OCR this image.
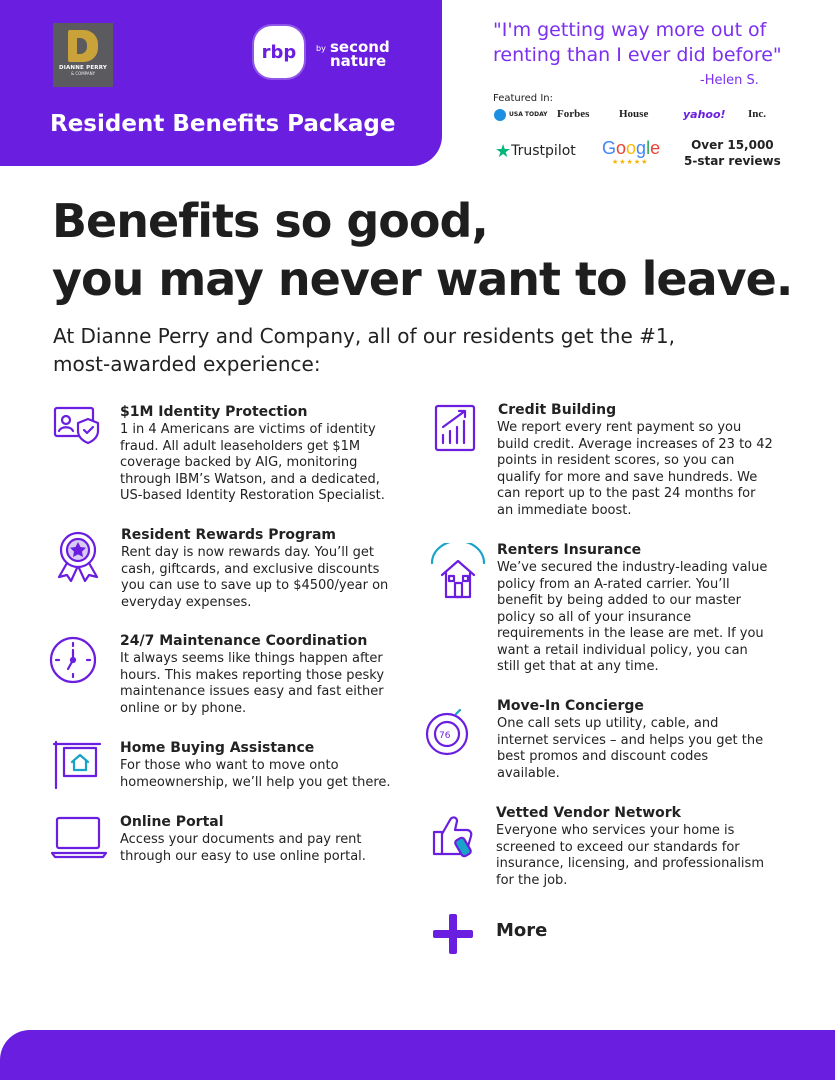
DIANNE PERRY
& COMPANY
rbp by second nature
Resident Benefits Package
"I'm getting way more out of
renting than I ever did before"
-Helen S.
Featured In:
USA TODAY Forbes	House	yahoo! Inc.
★Trustpilot Google
★★★★★
Over 15,000
5-star reviews
Benefits so good,
you may never want to leave.
At Dianne Perry and Company, all of our residents get the #1,
most-awarded experience:
$1M Identity Protection
1 in 4 Americans are victims of identity
fraud. All adult leaseholders get $1M
coverage backed by AIG, monitoring
through IBM’s Watson, and a dedicated,
US-based Identity Restoration Specialist.
Resident Rewards Program
Rent day is now rewards day. You’ll get
cash, giftcards, and exclusive discounts
you can use to save up to $4500/year on
everyday expenses.
24/7 Maintenance Coordination
It always seems like things happen after
hours. This makes reporting those pesky
maintenance issues easy and fast either
online or by phone.
Home Buying Assistance
For those who want to move onto
homeownership, we’ll help you get there.
Online Portal
Access your documents and pay rent
through our easy to use online portal.
Credit Building
We report every rent payment so you
build credit. Average increases of 23 to 42
points in resident scores, so you can
qualify for more and save hundreds. We
can report up to the past 24 months for
an immediate boost.
Renters Insurance
We’ve secured the industry-leading value
policy from an A-rated carrier. You’ll
benefit by being added to our master
policy so all of your insurance
requirements in the lease are met. If you
want a retail individual policy, you can
still get that at any time.
76
Move-In Concierge
One call sets up utility, cable, and
internet services – and helps you get the
best promos and discount codes
available.
Vetted Vendor Network
Everyone who services your home is
screened to exceed our standards for
insurance, licensing, and professionalism
for the job.
More
